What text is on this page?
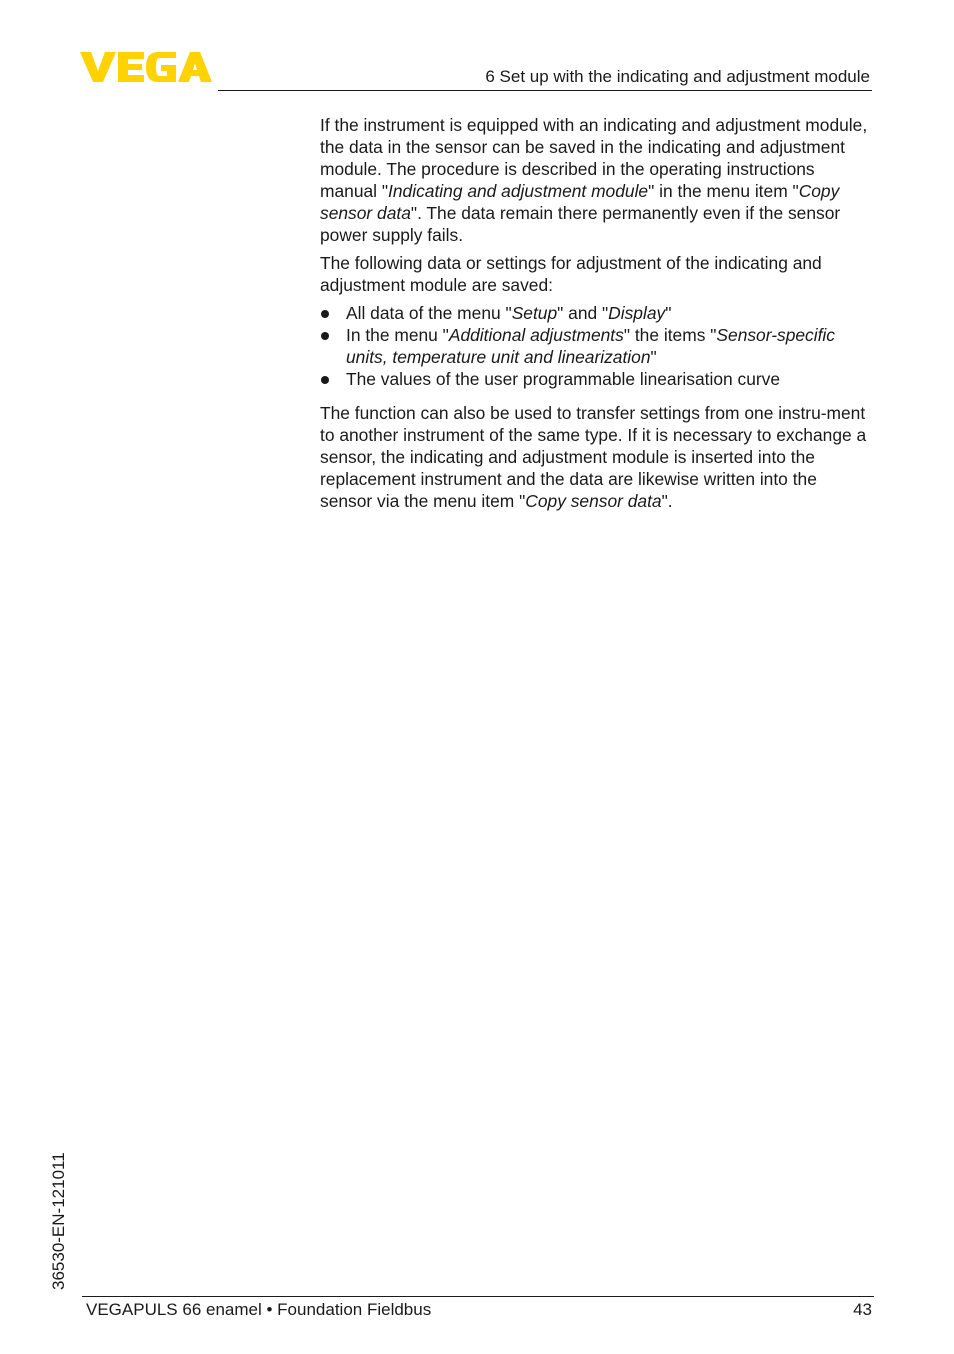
6 Set up with the indicating and adjustment module

If the instrument is equipped with an indicating and adjustment module, the data in the sensor can be saved in the indicating and adjustment module. The procedure is described in the operating instructions manual "Indicating and adjustment module" in the menu item "Copy sensor data". The data remain there permanently even if the sensor power supply fails.

The following data or settings for adjustment of the indicating and adjustment module are saved:

All data of the menu "Setup" and "Display"
In the menu "Additional adjustments" the items "Sensor-specific units, temperature unit and linearization"
The values of the user programmable linearisation curve

The function can also be used to transfer settings from one instru-ment to another instrument of the same type. If it is necessary to exchange a sensor, the indicating and adjustment module is inserted into the replacement instrument and the data are likewise written into the sensor via the menu item "Copy sensor data".

36530-EN-121011
VEGAPULS 66 enamel • Foundation Fieldbus	43
